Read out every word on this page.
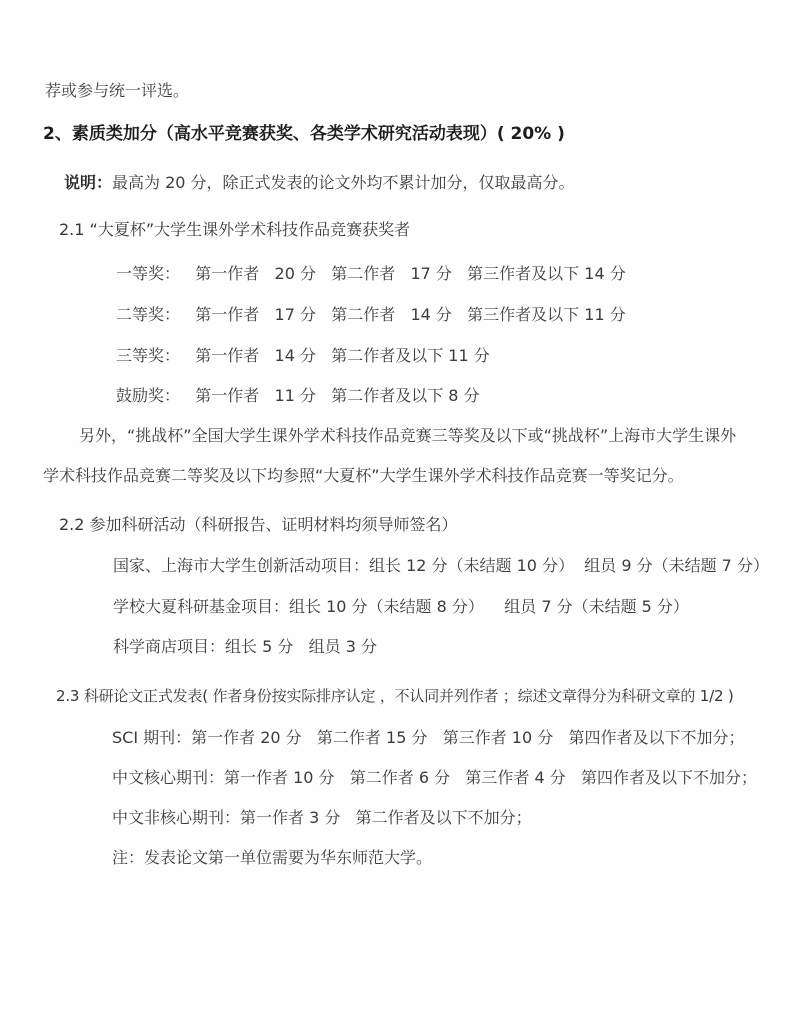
荐或参与统一评选。
2、素质类加分（高水平竞赛获奖、各类学术研究活动表现）( 20% )
说明：最高为 20 分，除正式发表的论文外均不累计加分，仅取最高分。
2.1 “大夏杯”大学生课外学术科技作品竞赛获奖者
一等奖：   第一作者   20 分   第二作者   17 分   第三作者及以下 14 分
二等奖：   第一作者   17 分   第二作者   14 分   第三作者及以下 11 分
三等奖：   第一作者   14 分   第二作者及以下 11 分
鼓励奖：   第一作者   11 分   第二作者及以下 8 分
另外，“挑战杯”全国大学生课外学术科技作品竞赛三等奖及以下或“挑战杯”上海市大学生课外
学术科技作品竞赛二等奖及以下均参照“大夏杯”大学生课外学术科技作品竞赛一等奖记分。
2.2 参加科研活动（科研报告、证明材料均须导师签名）
国家、上海市大学生创新活动项目：组长 12 分（未结题 10 分）  组员 9 分（未结题 7 分）
学校大夏科研基金项目：组长 10 分（未结题 8 分）    组员 7 分（未结题 5 分）
科学商店项目：组长 5 分   组员 3 分
2.3 科研论文正式发表( 作者身份按实际排序认定 ，不认同并列作者 ；综述文章得分为科研文章的 1/2 )
SCI 期刊：第一作者 20 分   第二作者 15 分   第三作者 10 分   第四作者及以下不加分；
中文核心期刊：第一作者 10 分   第二作者 6 分   第三作者 4 分   第四作者及以下不加分；
中文非核心期刊：第一作者 3 分   第二作者及以下不加分；
注：发表论文第一单位需要为华东师范大学。
